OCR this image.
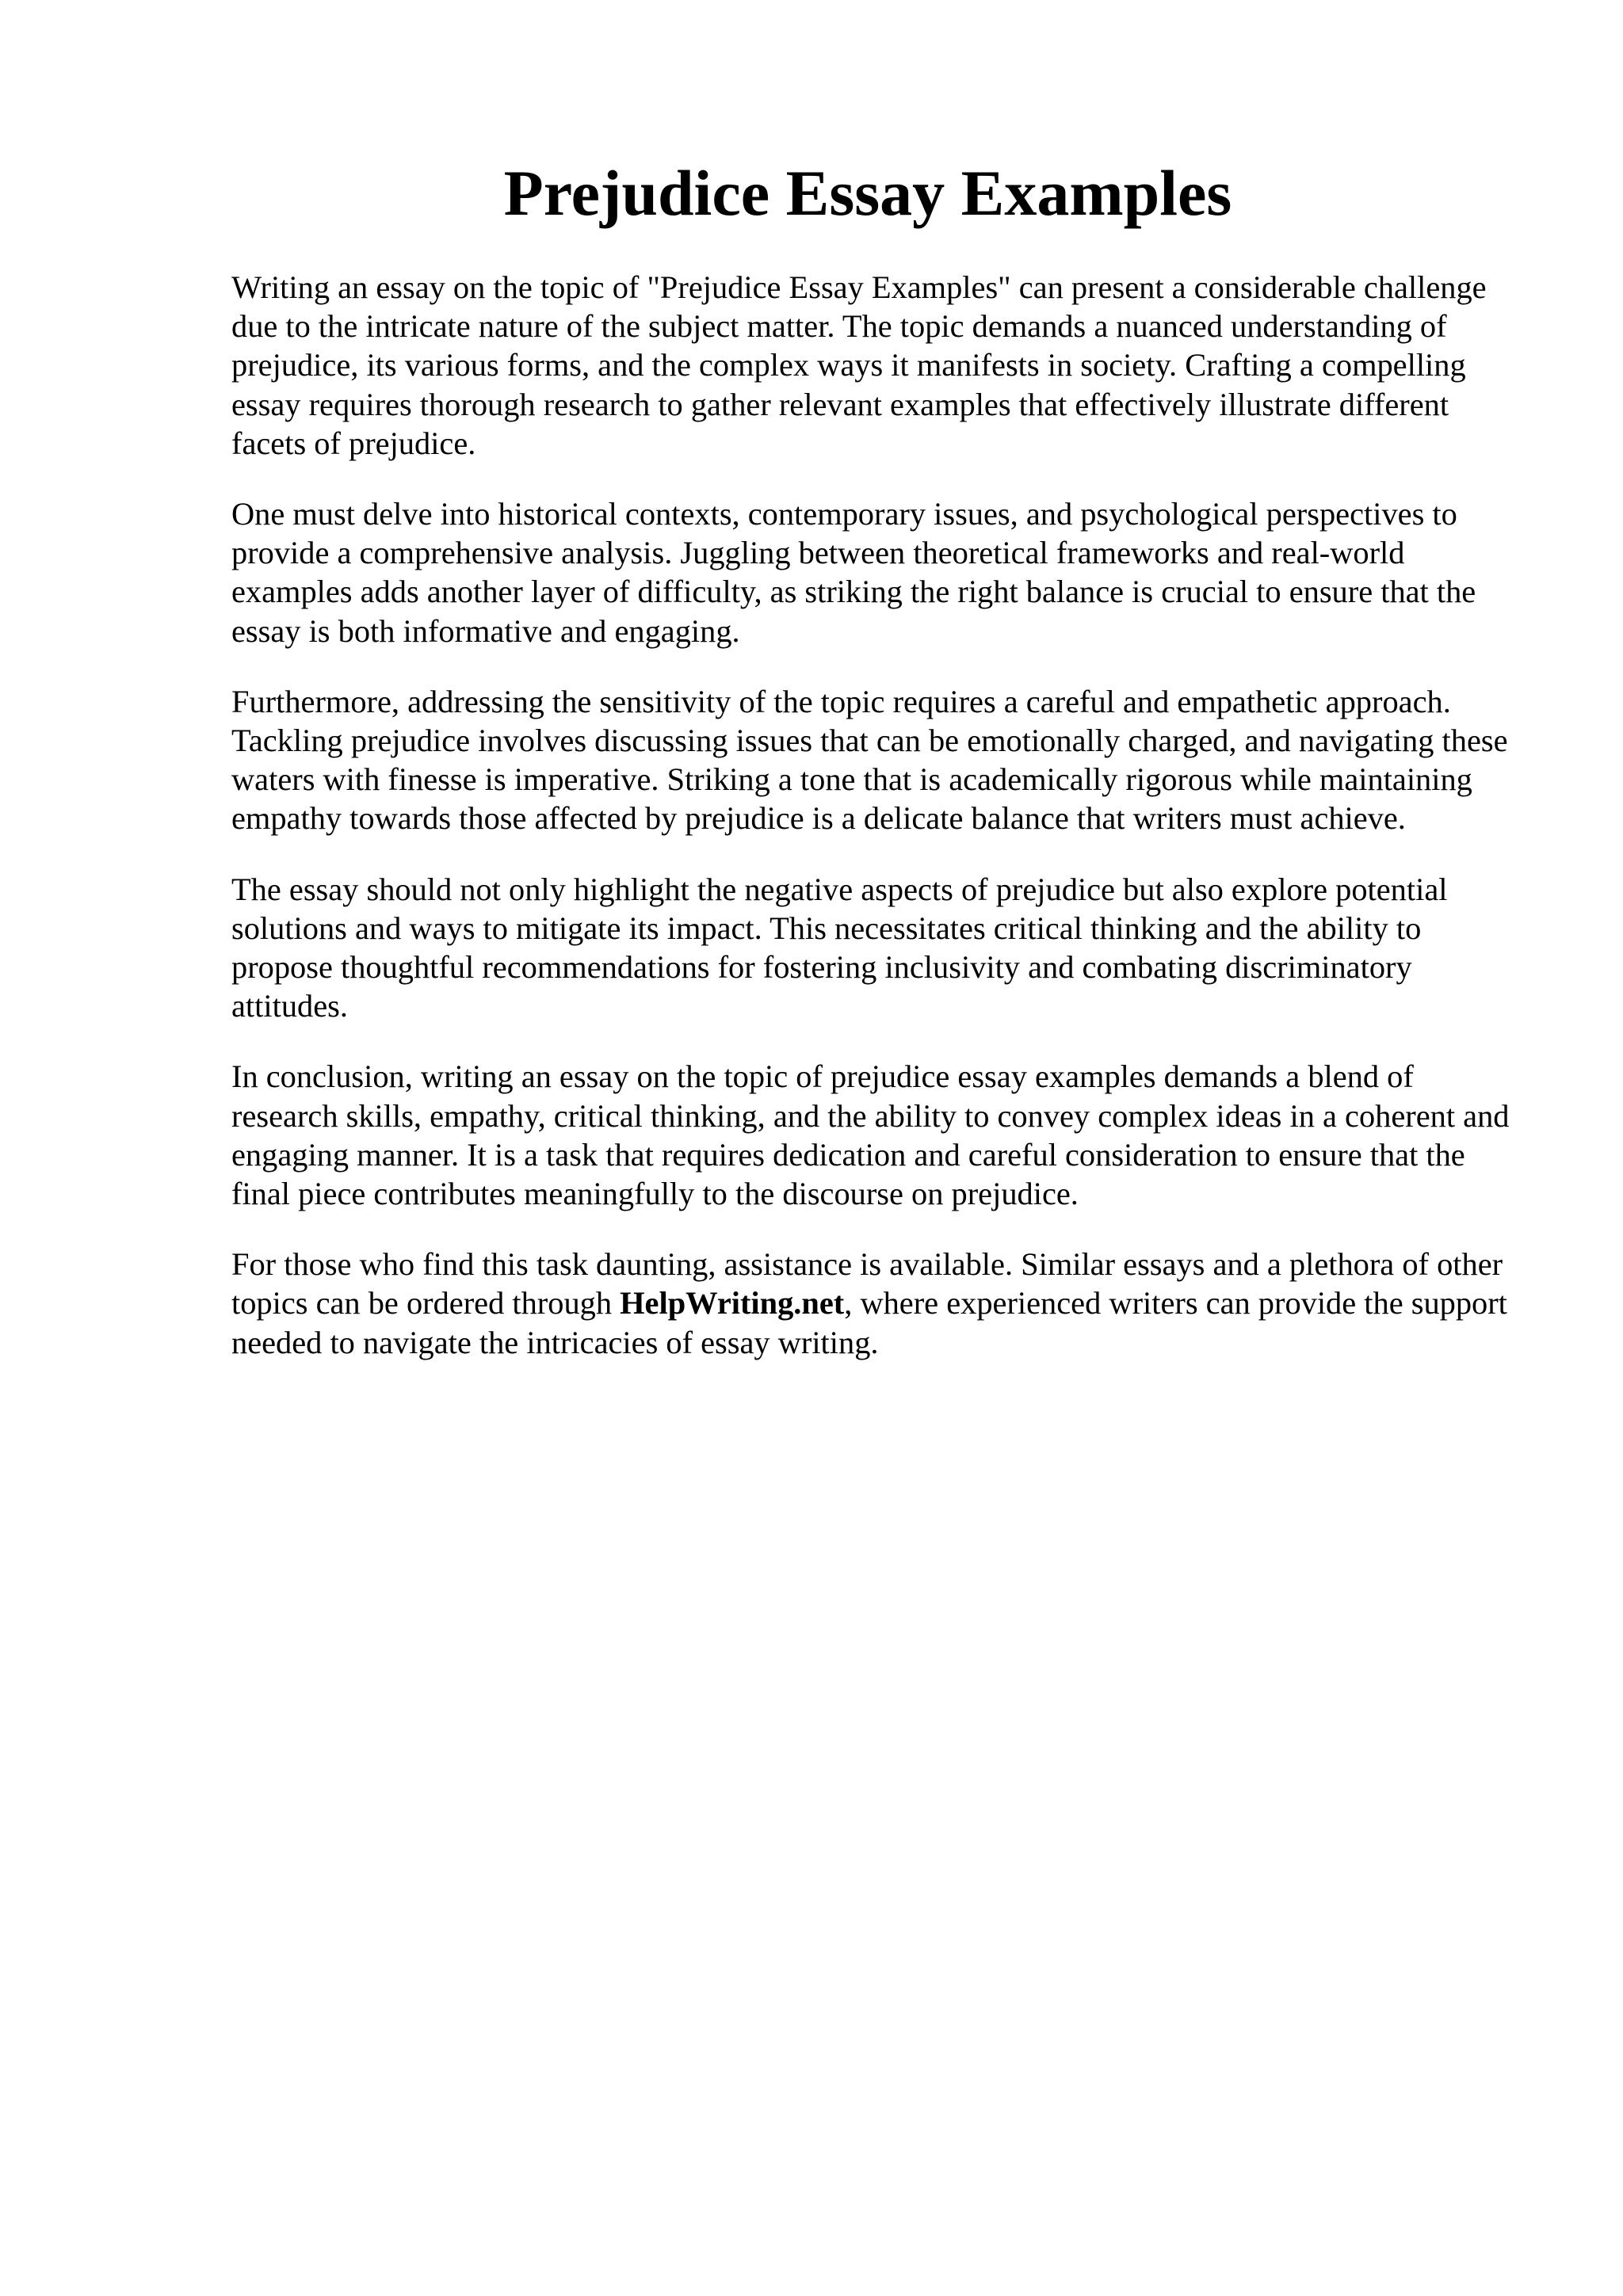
Prejudice Essay Examples

Writing an essay on the topic of "Prejudice Essay Examples" can present a considerable challenge due to the intricate nature of the subject matter. The topic demands a nuanced understanding of prejudice, its various forms, and the complex ways it manifests in society. Crafting a compelling essay requires thorough research to gather relevant examples that effectively illustrate different facets of prejudice.

One must delve into historical contexts, contemporary issues, and psychological perspectives to provide a comprehensive analysis. Juggling between theoretical frameworks and real-world examples adds another layer of difficulty, as striking the right balance is crucial to ensure that the essay is both informative and engaging.

Furthermore, addressing the sensitivity of the topic requires a careful and empathetic approach. Tackling prejudice involves discussing issues that can be emotionally charged, and navigating these waters with finesse is imperative. Striking a tone that is academically rigorous while maintaining empathy towards those affected by prejudice is a delicate balance that writers must achieve.

The essay should not only highlight the negative aspects of prejudice but also explore potential solutions and ways to mitigate its impact. This necessitates critical thinking and the ability to propose thoughtful recommendations for fostering inclusivity and combating discriminatory attitudes.

In conclusion, writing an essay on the topic of prejudice essay examples demands a blend of research skills, empathy, critical thinking, and the ability to convey complex ideas in a coherent and engaging manner. It is a task that requires dedication and careful consideration to ensure that the final piece contributes meaningfully to the discourse on prejudice.

For those who find this task daunting, assistance is available. Similar essays and a plethora of other topics can be ordered through HelpWriting.net, where experienced writers can provide the support needed to navigate the intricacies of essay writing.
